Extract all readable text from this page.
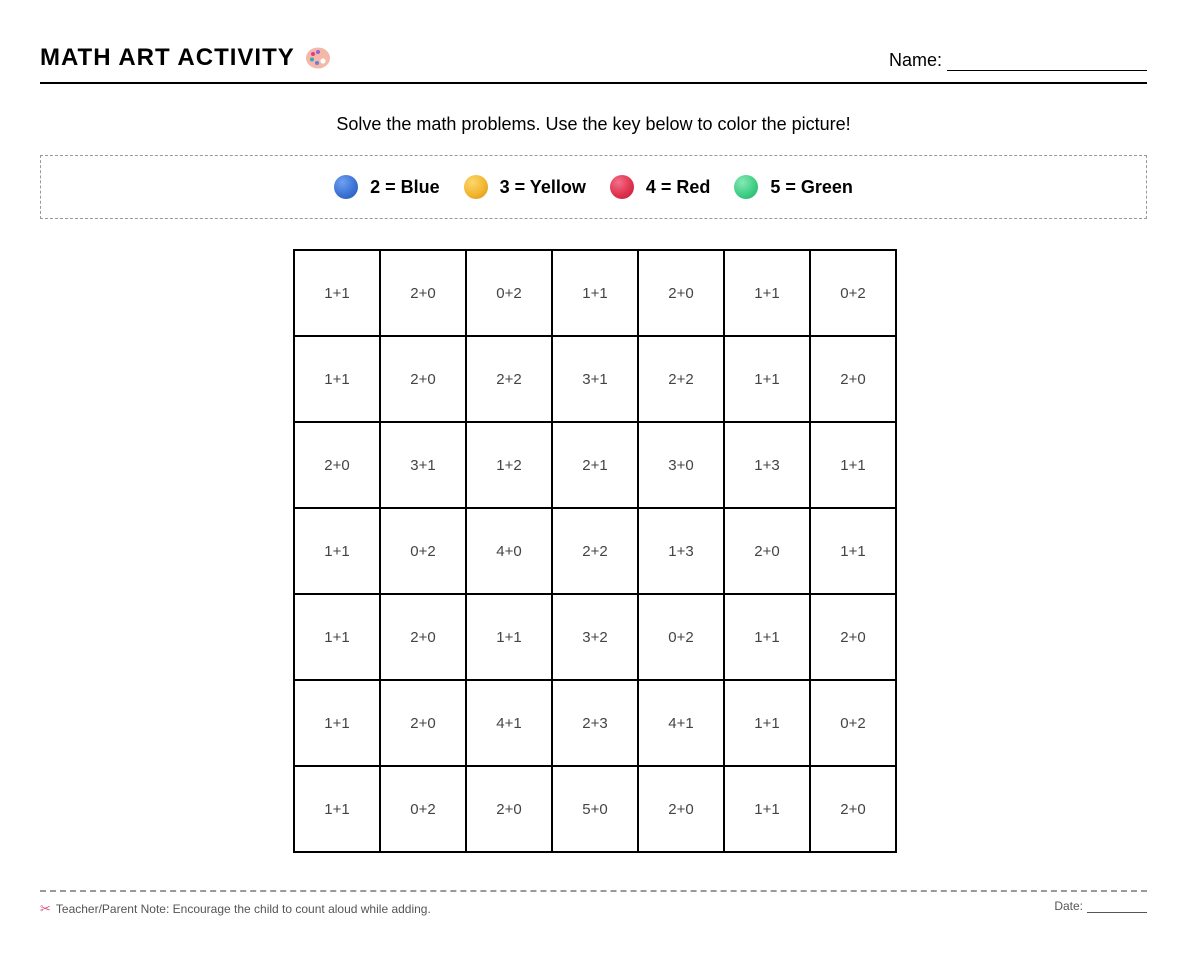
MATH ART ACTIVITY	Name:
Solve the math problems. Use the key below to color the picture!
2 = Blue	3 = Yellow	4 = Red	5 = Green
1+1	2+0	0+2	1+1	2+0	1+1	0+2
1+1	2+0	2+2	3+1	2+2	1+1	2+0
2+0	3+1	1+2	2+1	3+0	1+3	1+1
1+1	0+2	4+0	2+2	1+3	2+0	1+1
1+1	2+0	1+1	3+2	0+2	1+1	2+0
1+1	2+0	4+1	2+3	4+1	1+1	0+2
1+1	0+2	2+0	5+0	2+0	1+1	2+0
✂ Teacher/Parent Note: Encourage the child to count aloud while adding.	Date:
